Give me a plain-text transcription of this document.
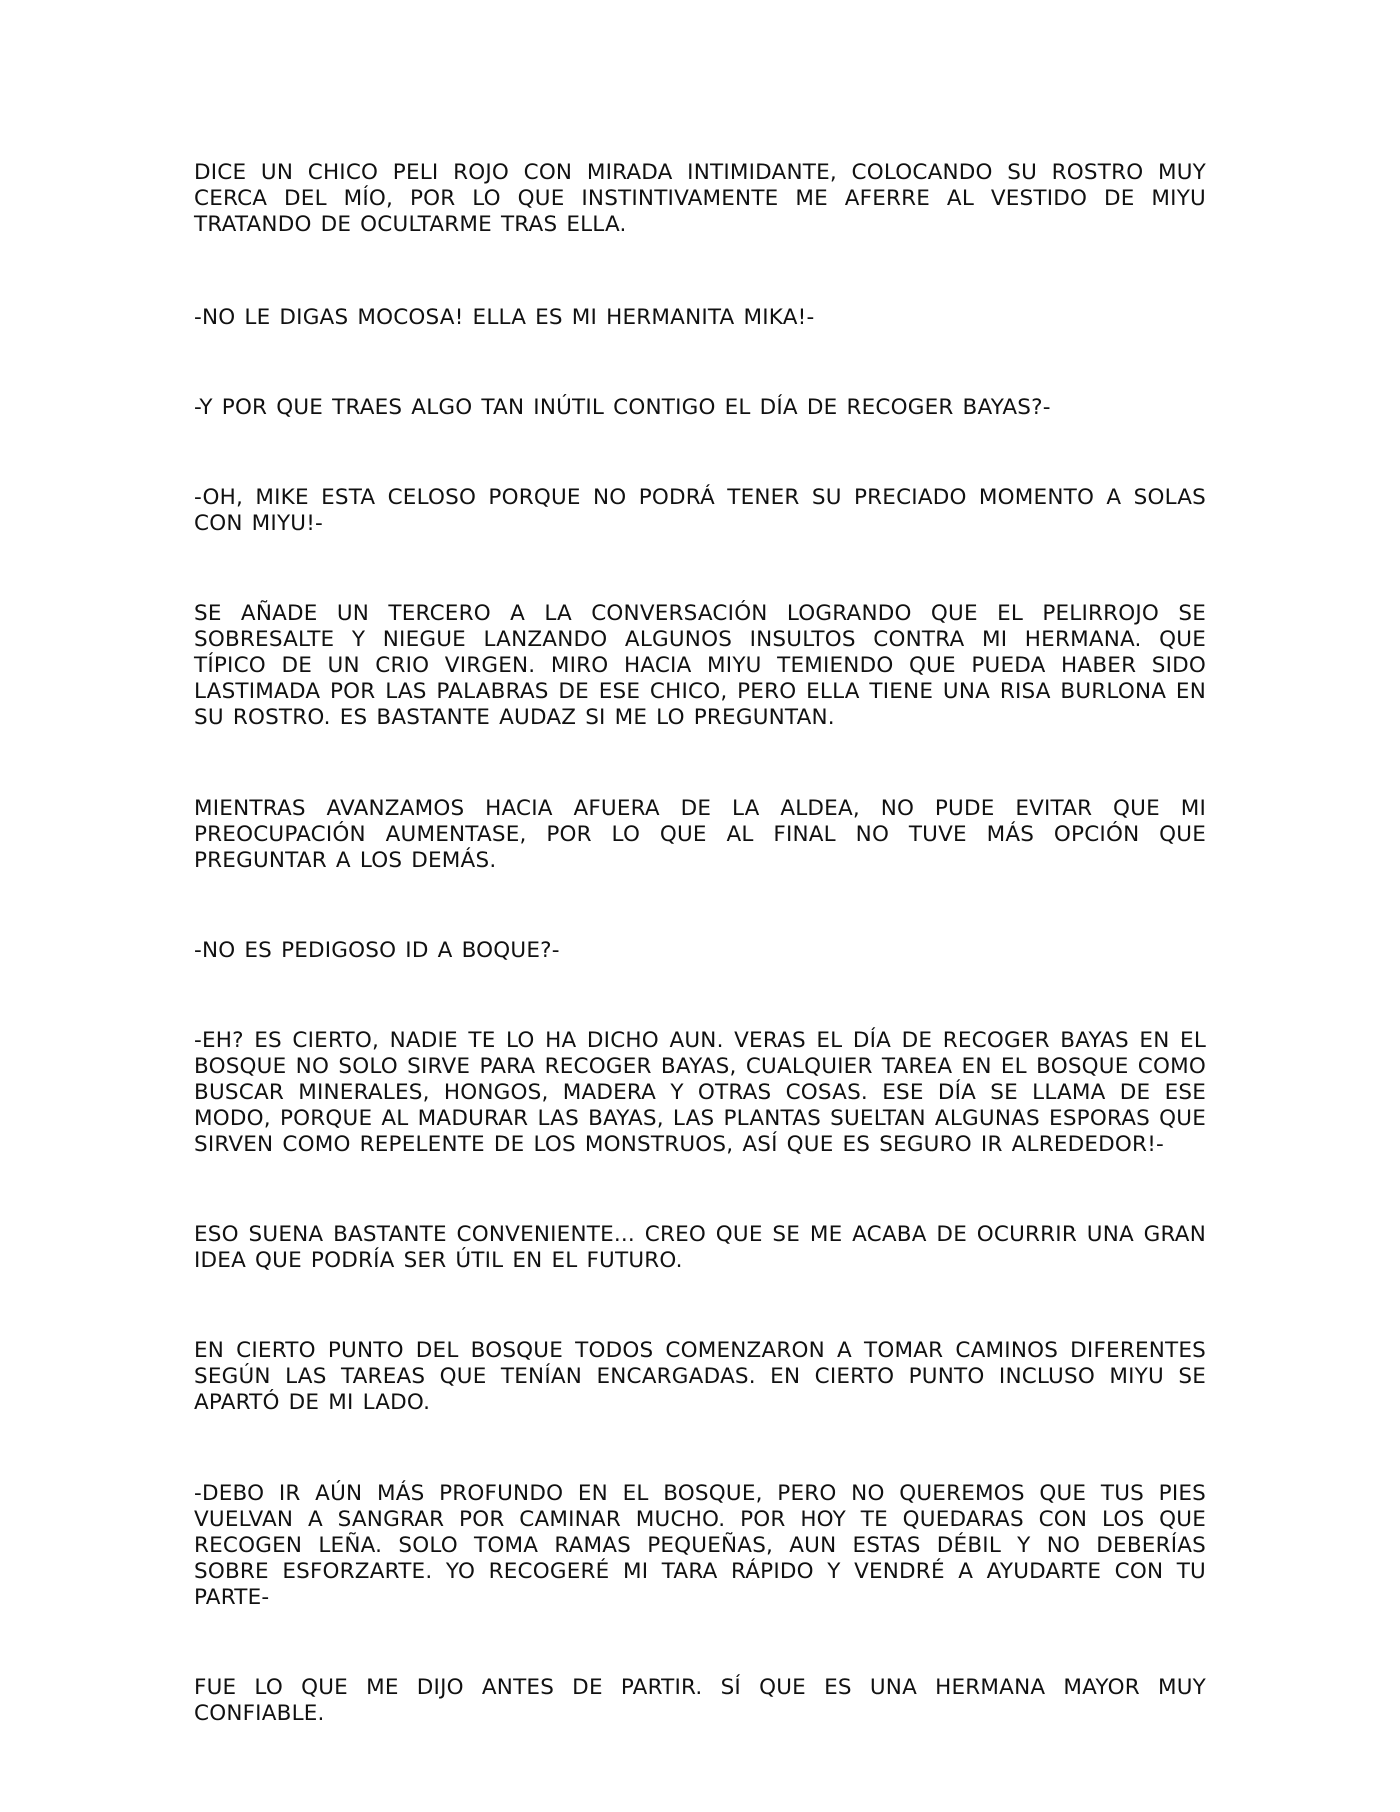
DICE UN CHICO PELI ROJO CON MIRADA INTIMIDANTE, COLOCANDO SU ROSTRO MUY CERCA DEL MÍO, POR LO QUE INSTINTIVAMENTE ME AFERRE AL VESTIDO DE MIYU TRATANDO DE OCULTARME TRAS ELLA.

-NO LE DIGAS MOCOSA! ELLA ES MI HERMANITA MIKA!-

-Y POR QUE TRAES ALGO TAN INÚTIL CONTIGO EL DÍA DE RECOGER BAYAS?-

-OH, MIKE ESTA CELOSO PORQUE NO PODRÁ TENER SU PRECIADO MOMENTO A SOLAS CON MIYU!-

SE AÑADE UN TERCERO A LA CONVERSACIÓN LOGRANDO QUE EL PELIRROJO SE SOBRESALTE Y NIEGUE LANZANDO ALGUNOS INSULTOS CONTRA MI HERMANA. QUE TÍPICO DE UN CRIO VIRGEN. MIRO HACIA MIYU TEMIENDO QUE PUEDA HABER SIDO LASTIMADA POR LAS PALABRAS DE ESE CHICO, PERO ELLA TIENE UNA RISA BURLONA EN SU ROSTRO. ES BASTANTE AUDAZ SI ME LO PREGUNTAN.

MIENTRAS AVANZAMOS HACIA AFUERA DE LA ALDEA, NO PUDE EVITAR QUE MI PREOCUPACIÓN AUMENTASE, POR LO QUE AL FINAL NO TUVE MÁS OPCIÓN QUE PREGUNTAR A LOS DEMÁS.

-NO ES PEDIGOSO ID A BOQUE?-

-EH? ES CIERTO, NADIE TE LO HA DICHO AUN. VERAS EL DÍA DE RECOGER BAYAS EN EL BOSQUE NO SOLO SIRVE PARA RECOGER BAYAS, CUALQUIER TAREA EN EL BOSQUE COMO BUSCAR MINERALES, HONGOS, MADERA Y OTRAS COSAS. ESE DÍA SE LLAMA DE ESE MODO, PORQUE AL MADURAR LAS BAYAS, LAS PLANTAS SUELTAN ALGUNAS ESPORAS QUE SIRVEN COMO REPELENTE DE LOS MONSTRUOS, ASÍ QUE ES SEGURO IR ALREDEDOR!-

ESO SUENA BASTANTE CONVENIENTE... CREO QUE SE ME ACABA DE OCURRIR UNA GRAN IDEA QUE PODRÍA SER ÚTIL EN EL FUTURO.

EN CIERTO PUNTO DEL BOSQUE TODOS COMENZARON A TOMAR CAMINOS DIFERENTES SEGÚN LAS TAREAS QUE TENÍAN ENCARGADAS. EN CIERTO PUNTO INCLUSO MIYU SE APARTÓ DE MI LADO.

-DEBO IR AÚN MÁS PROFUNDO EN EL BOSQUE, PERO NO QUEREMOS QUE TUS PIES VUELVAN A SANGRAR POR CAMINAR MUCHO. POR HOY TE QUEDARAS CON LOS QUE RECOGEN LEÑA. SOLO TOMA RAMAS PEQUEÑAS, AUN ESTAS DÉBIL Y NO DEBERÍAS SOBRE ESFORZARTE. YO RECOGERÉ MI TARA RÁPIDO Y VENDRÉ A AYUDARTE CON TU PARTE-

FUE LO QUE ME DIJO ANTES DE PARTIR. SÍ QUE ES UNA HERMANA MAYOR MUY CONFIABLE.
